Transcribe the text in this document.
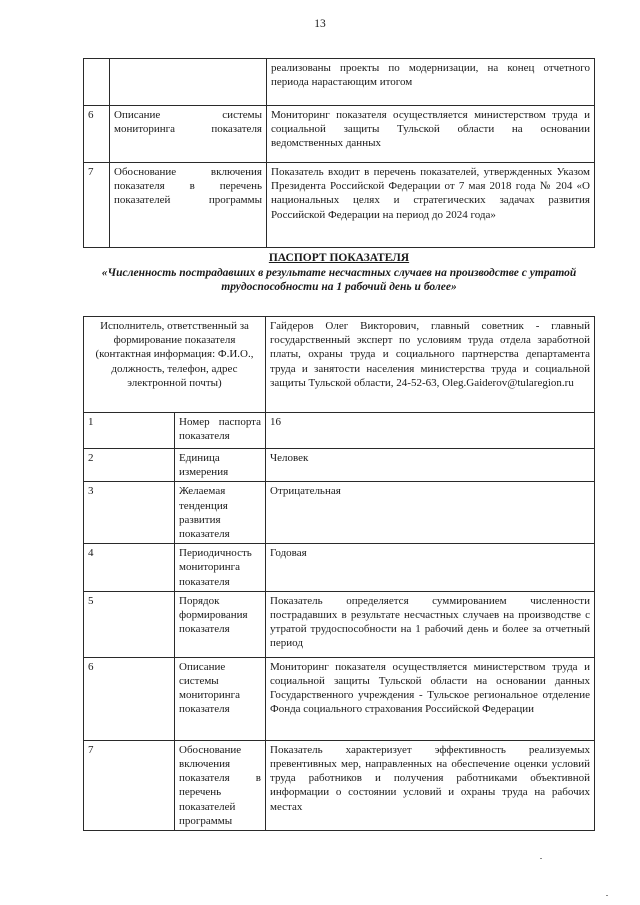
13
		реализованы проекты по модернизации, на конец отчетного периода нарастающим итогом
6	Описание системы мониторинга показателя	Мониторинг показателя осуществляется министерством труда и социальной защиты Тульской области на основании ведомственных данных
7	Обоснование включения показателя в перечень показателей программы	Показатель входит в перечень показателей, утвержденных Указом Президента Российской Федерации от 7 мая 2018 года № 204 «О национальных целях и стратегических задачах развития Российской Федерации на период до 2024 года»
ПАСПОРТ ПОКАЗАТЕЛЯ
«Численность пострадавших в результате несчастных случаев на производстве с утратой трудоспособности на 1 рабочий день и более»
Исполнитель, ответственный за формирование показателя (контактная информация: Ф.И.О., должность, телефон, адрес электронной почты)		Гайдеров Олег Викторович, главный советник - главный государственный эксперт по условиям труда отдела заработной платы, охраны труда и социального партнерства департамента труда и занятости населения министерства труда и социальной защиты Тульской области, 24-52-63, Oleg.Gaiderov@tularegion.ru
1	Номер паспорта показателя	16
2	Единица измерения	Человек
3	Желаемая тенденция развития показателя	Отрицательная
4	Периодичность мониторинга показателя	Годовая
5	Порядок формирования показателя	Показатель определяется суммированием численности пострадавших в результате несчастных случаев на производстве с утратой трудоспособности на 1 рабочий день и более за отчетный период
6	Описание системы мониторинга показателя	Мониторинг показателя осуществляется министерством труда и социальной защиты Тульской области на основании данных Государственного учреждения - Тульское региональное отделение Фонда социального страхования Российской Федерации
7	Обоснование включения показателя в перечень показателей программы	Показатель характеризует эффективность реализуемых превентивных мер, направленных на обеспечение оценки условий труда работников и получения работниками объективной информации о состоянии условий и охраны труда на рабочих местах
